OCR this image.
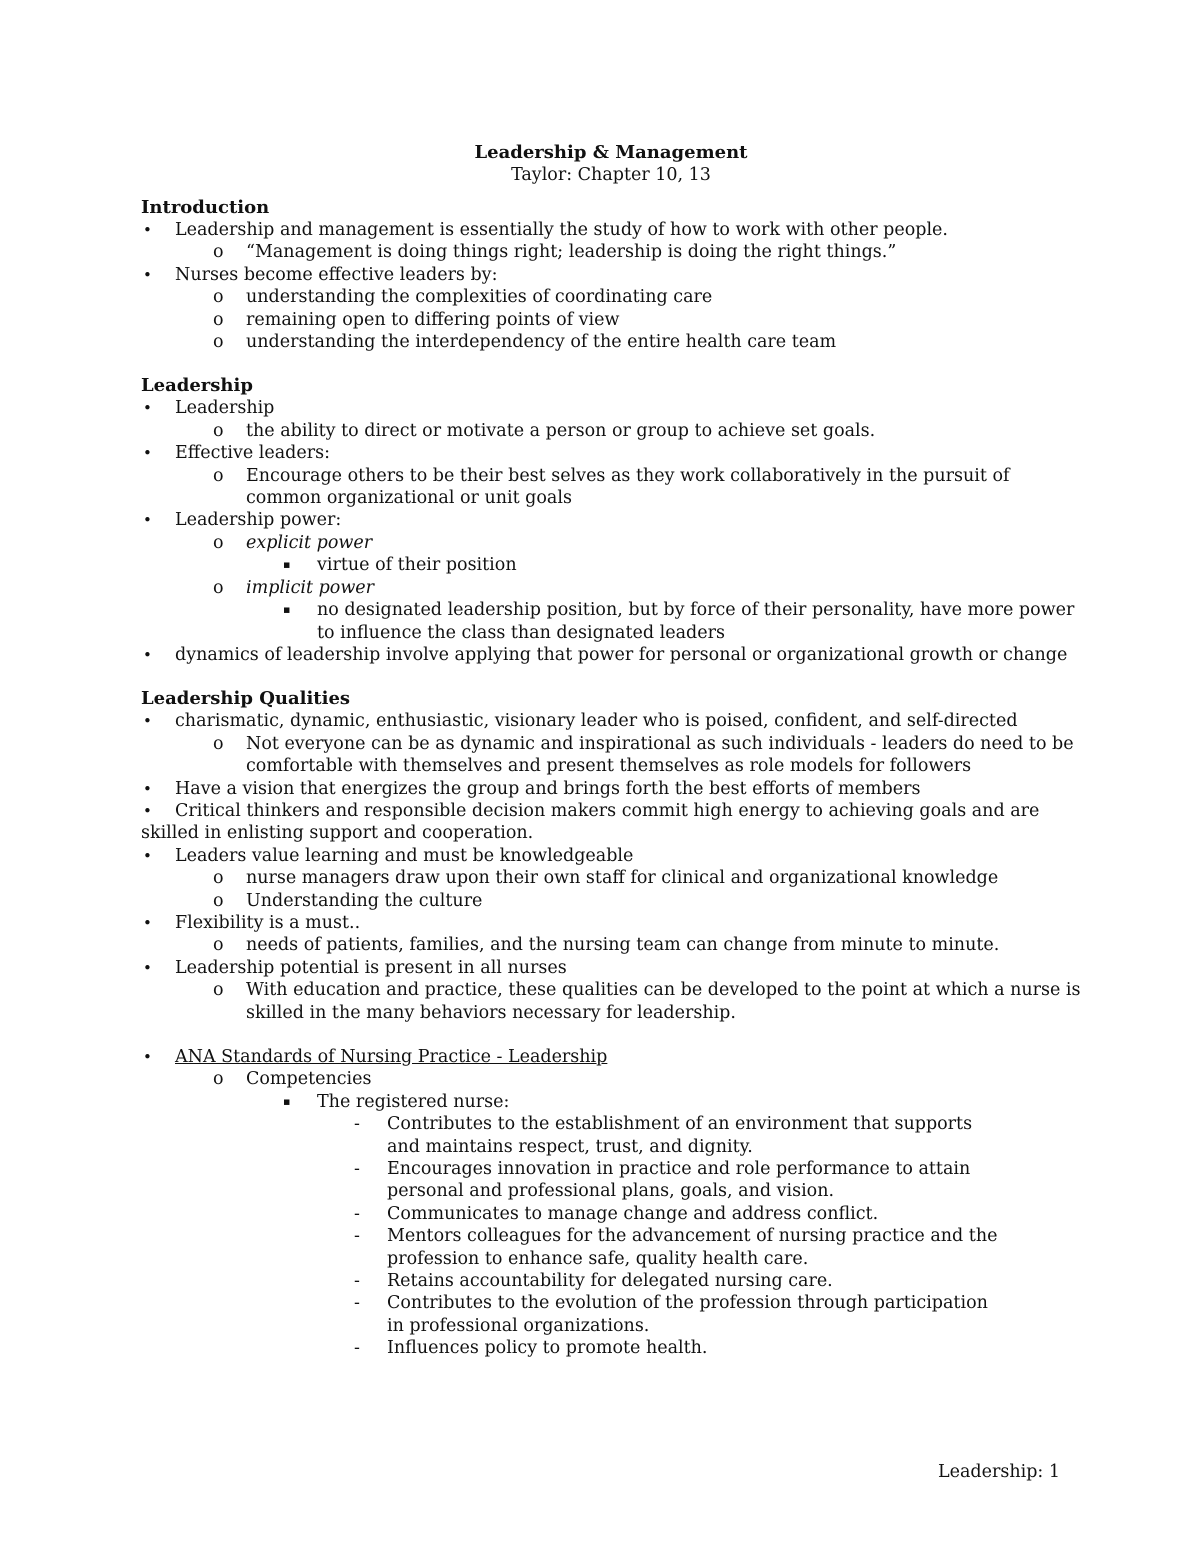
Leadership & Management
Taylor: Chapter 10, 13
Introduction
• Leadership and management is essentially the study of how to work with other people.
o “Management is doing things right; leadership is doing the right things.”
• Nurses become effective leaders by:
o understanding the complexities of coordinating care
o remaining open to differing points of view
o understanding the interdependency of the entire health care team
Leadership
• Leadership
o the ability to direct or motivate a person or group to achieve set goals.
• Effective leaders:
o Encourage others to be their best selves as they work collaboratively in the pursuit of common organizational or unit goals
• Leadership power:
o explicit power
▪ virtue of their position
o implicit power
▪ no designated leadership position, but by force of their personality, have more power to influence the class than designated leaders
• dynamics of leadership involve applying that power for personal or organizational growth or change
Leadership Qualities
• charismatic, dynamic, enthusiastic, visionary leader who is poised, confident, and self-directed
o Not everyone can be as dynamic and inspirational as such individuals - leaders do need to be comfortable with themselves and present themselves as role models for followers
• Have a vision that energizes the group and brings forth the best efforts of members
•	Critical thinkers and responsible decision makers commit high energy to achieving goals and are skilled in enlisting support and cooperation.
• Leaders value learning and must be knowledgeable
o nurse managers draw upon their own staff for clinical and organizational knowledge
o Understanding the culture
• Flexibility is a must..
o needs of patients, families, and the nursing team can change from minute to minute.
• Leadership potential is present in all nurses
o With education and practice, these qualities can be developed to the point at which a nurse is skilled in the many behaviors necessary for leadership.
• ANA Standards of Nursing Practice - Leadership
o Competencies
▪ The registered nurse:
- Contributes to the establishment of an environment that supports and maintains respect, trust, and dignity.
- Encourages innovation in practice and role performance to attain personal and professional plans, goals, and vision.
- Communicates to manage change and address conflict.
- Mentors colleagues for the advancement of nursing practice and the profession to enhance safe, quality health care.
- Retains accountability for delegated nursing care.
- Contributes to the evolution of the profession through participation in professional organizations.
- Influences policy to promote health.
Leadership: 1
